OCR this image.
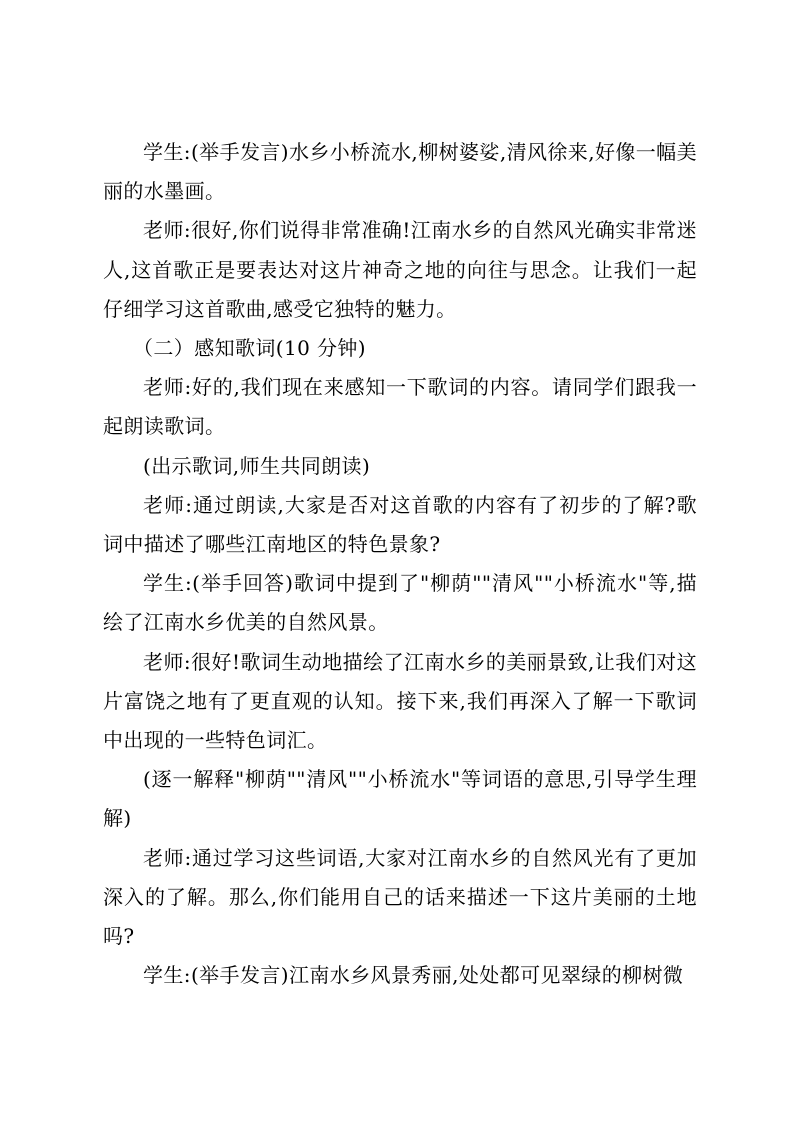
学生:(举手发言)水乡小桥流水,柳树婆娑,清风徐来,好像一幅美丽的水墨画。

老师:很好,你们说得非常准确!江南水乡的自然风光确实非常迷人,这首歌正是要表达对这片神奇之地的向往与思念。让我们一起仔细学习这首歌曲,感受它独特的魅力。

（二）感知歌词(10 分钟)

老师:好的,我们现在来感知一下歌词的内容。请同学们跟我一起朗读歌词。

(出示歌词,师生共同朗读)

老师:通过朗读,大家是否对这首歌的内容有了初步的了解?歌词中描述了哪些江南地区的特色景象?

学生:(举手回答)歌词中提到了"柳荫""清风""小桥流水"等,描绘了江南水乡优美的自然风景。

老师:很好!歌词生动地描绘了江南水乡的美丽景致,让我们对这片富饶之地有了更直观的认知。接下来,我们再深入了解一下歌词中出现的一些特色词汇。

(逐一解释"柳荫""清风""小桥流水"等词语的意思,引导学生理解)

老师:通过学习这些词语,大家对江南水乡的自然风光有了更加深入的了解。那么,你们能用自己的话来描述一下这片美丽的土地吗?

学生:(举手发言)江南水乡风景秀丽,处处都可见翠绿的柳树微
